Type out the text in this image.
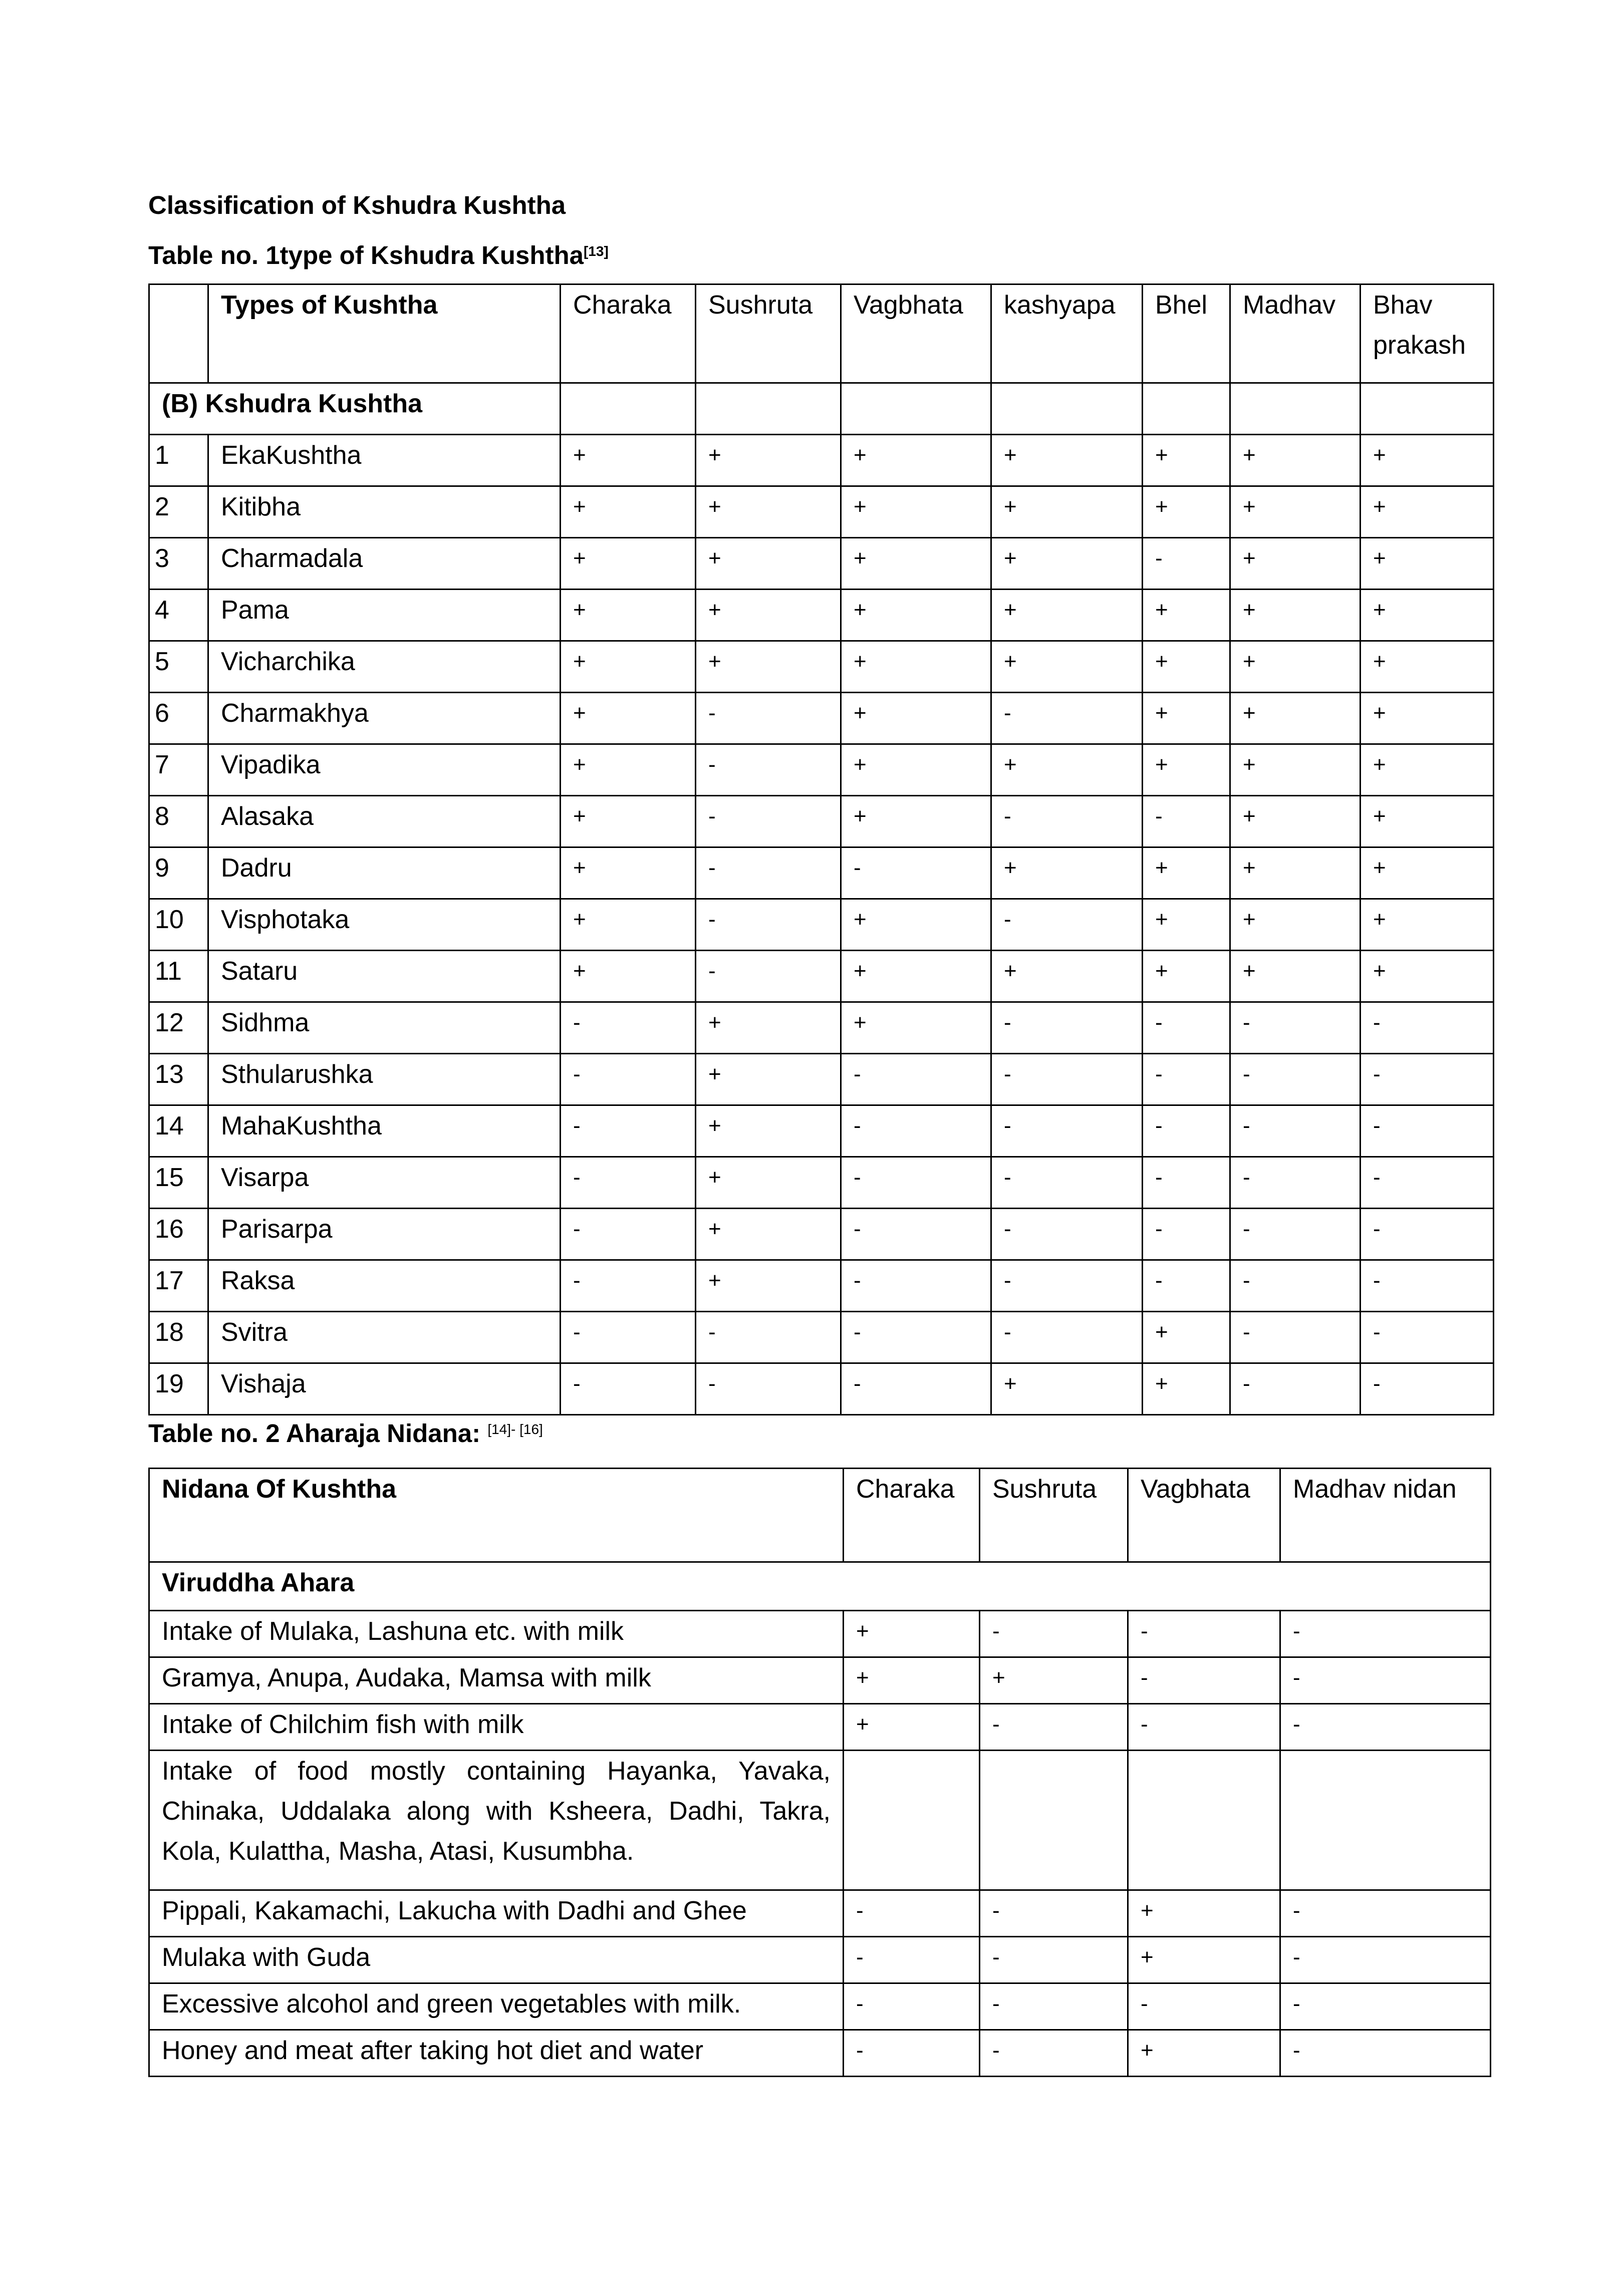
Classification of Kshudra Kushtha

Table no. 1type of Kshudra Kushtha[13]

	Types of Kushtha	Charaka	Sushruta	Vagbhata	kashyapa	Bhel	Madhav	Bhav prakash
(B) Kshudra Kushtha								
1	EkaKushtha	+	+	+	+	+	+	+
2	Kitibha	+	+	+	+	+	+	+
3	Charmadala	+	+	+	+	-	+	+
4	Pama	+	+	+	+	+	+	+
5	Vicharchika	+	+	+	+	+	+	+
6	Charmakhya	+	-	+	-	+	+	+
7	Vipadika	+	-	+	+	+	+	+
8	Alasaka	+	-	+	-	-	+	+
9	Dadru	+	-	-	+	+	+	+
10	Visphotaka	+	-	+	-	+	+	+
11	Sataru	+	-	+	+	+	+	+
12	Sidhma	-	+	+	-	-	-	-
13	Sthularushka	-	+	-	-	-	-	-
14	MahaKushtha	-	+	-	-	-	-	-
15	Visarpa	-	+	-	-	-	-	-
16	Parisarpa	-	+	-	-	-	-	-
17	Raksa	-	+	-	-	-	-	-
18	Svitra	-	-	-	-	+	-	-
19	Vishaja	-	-	-	+	+	-	-

Table no. 2 Aharaja Nidana: [14]- [16]

Nidana Of Kushtha	Charaka	Sushruta	Vagbhata	Madhav nidan
Viruddha Ahara				
Intake of Mulaka, Lashuna etc. with milk	+	-	-	-
Gramya, Anupa, Audaka, Mamsa with milk	+	+	-	-
Intake of Chilchim fish with milk	+	-	-	-
Intake of food mostly containing Hayanka, Yavaka, Chinaka, Uddalaka along with Ksheera, Dadhi, Takra, Kola, Kulattha, Masha, Atasi, Kusumbha.				
Pippali, Kakamachi, Lakucha with Dadhi and Ghee	-	-	+	-
Mulaka with Guda	-	-	+	-
Excessive alcohol and green vegetables with milk.	-	-	-	-
Honey and meat after taking hot diet and water	-	-	+	-
